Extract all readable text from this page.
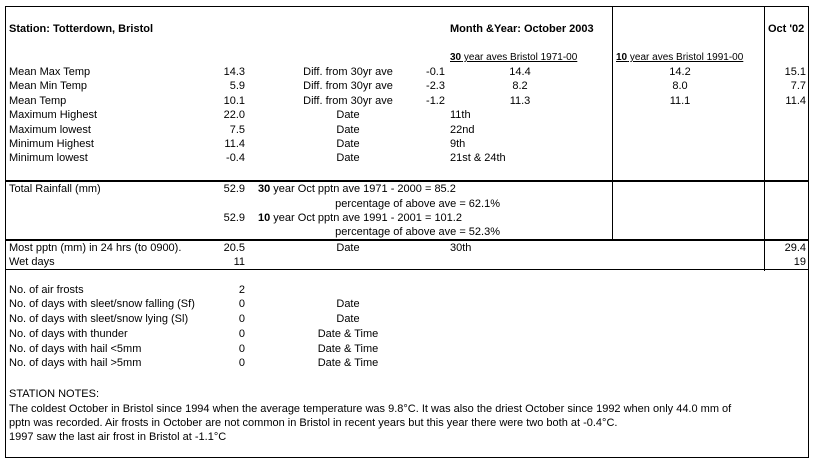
Station: Totterdown, Bristol	Month &Year: October 2003	Oct '02
30 year aves Bristol 1971-00	10 year aves Bristol 1991-00
Mean Max Temp	14.3	Diff. from 30yr ave	-0.1	14.4	14.2	15.1
Mean Min Temp	5.9	Diff. from 30yr ave	-2.3	8.2	8.0	7.7
Mean Temp	10.1	Diff. from 30yr ave	-1.2	11.3	11.1	11.4
Maximum Highest	22.0	Date	11th
Maximum lowest	7.5	Date	22nd
Minimum Highest	11.4	Date	9th
Minimum lowest	-0.4	Date	21st & 24th
Total Rainfall (mm)	52.9 30 year Oct pptn ave 1971 - 2000 = 85.2
percentage of above ave = 62.1%
52.9 10 year Oct pptn ave 1991 - 2001 = 101.2
percentage of above ave = 52.3%
Most pptn (mm) in 24 hrs (to 0900).	20.5	Date	30th	29.4
Wet days	11	19
No. of air frosts	2
No. of days with sleet/snow falling (Sf)	0	Date
No. of days with sleet/snow lying (Sl)	0	Date
No. of days with thunder	0	Date & Time
No. of days with hail <5mm	0	Date & Time
No. of days with hail >5mm	0	Date & Time
STATION NOTES:
The coldest October in Bristol since 1994 when the average temperature was 9.8°C. It was also the driest October since 1992 when only 44.0 mm of
pptn was recorded. Air frosts in October are not common in Bristol in recent years but this year there were two both at -0.4°C.
1997 saw the last air frost in Bristol at -1.1°C
